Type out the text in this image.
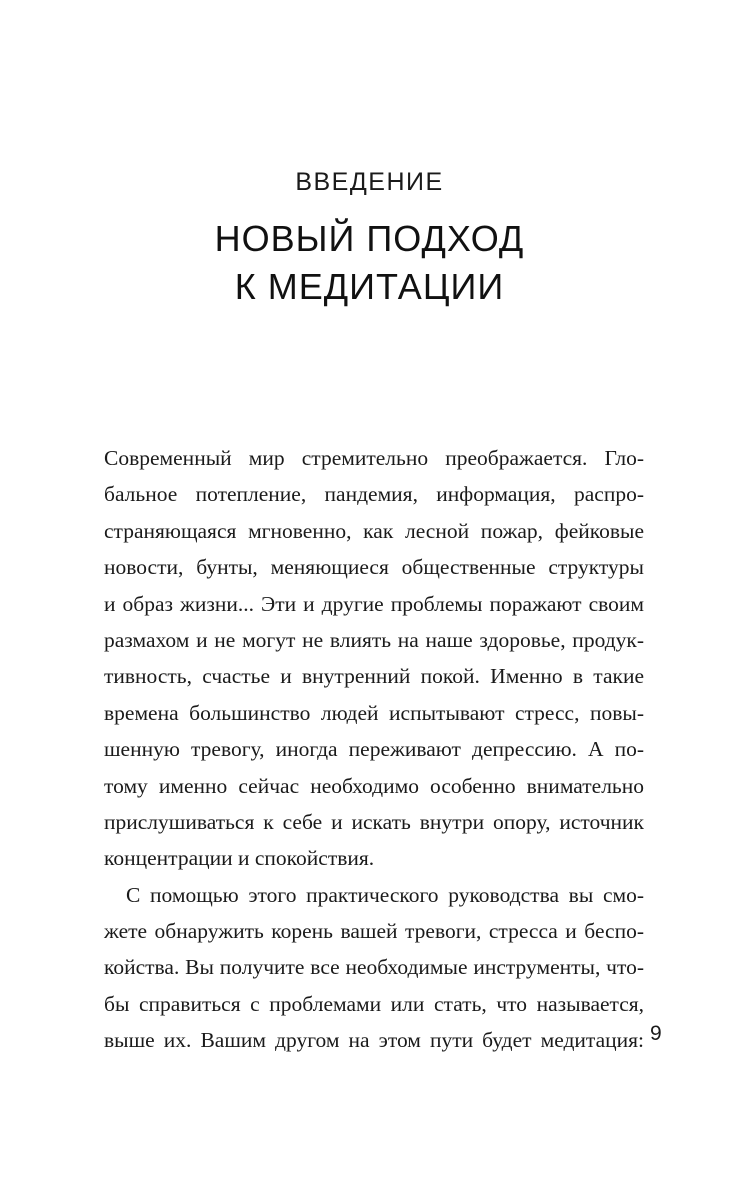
ВВЕДЕНИЕ
НОВЫЙ ПОДХОД
К МЕДИТАЦИИ
Современный мир стремительно преображается. Гло-
бальное потепление, пандемия, информация, распро-
страняющаяся мгновенно, как лесной пожар, фейковые
новости, бунты, меняющиеся общественные структуры
и образ жизни... Эти и другие проблемы поражают своим
размахом и не могут не влиять на наше здоровье, продук-
тивность, счастье и внутренний покой. Именно в такие
времена большинство людей испытывают стресс, повы-
шенную тревогу, иногда переживают депрессию. А по-
тому именно сейчас необходимо особенно внимательно
прислушиваться к себе и искать внутри опору, источник
концентрации и спокойствия.
С помощью этого практического руководства вы смо-
жете обнаружить корень вашей тревоги, стресса и беспо-
койства. Вы получите все необходимые инструменты, что-
бы справиться с проблемами или стать, что называется,
выше их. Вашим другом на этом пути будет медитация: 9
